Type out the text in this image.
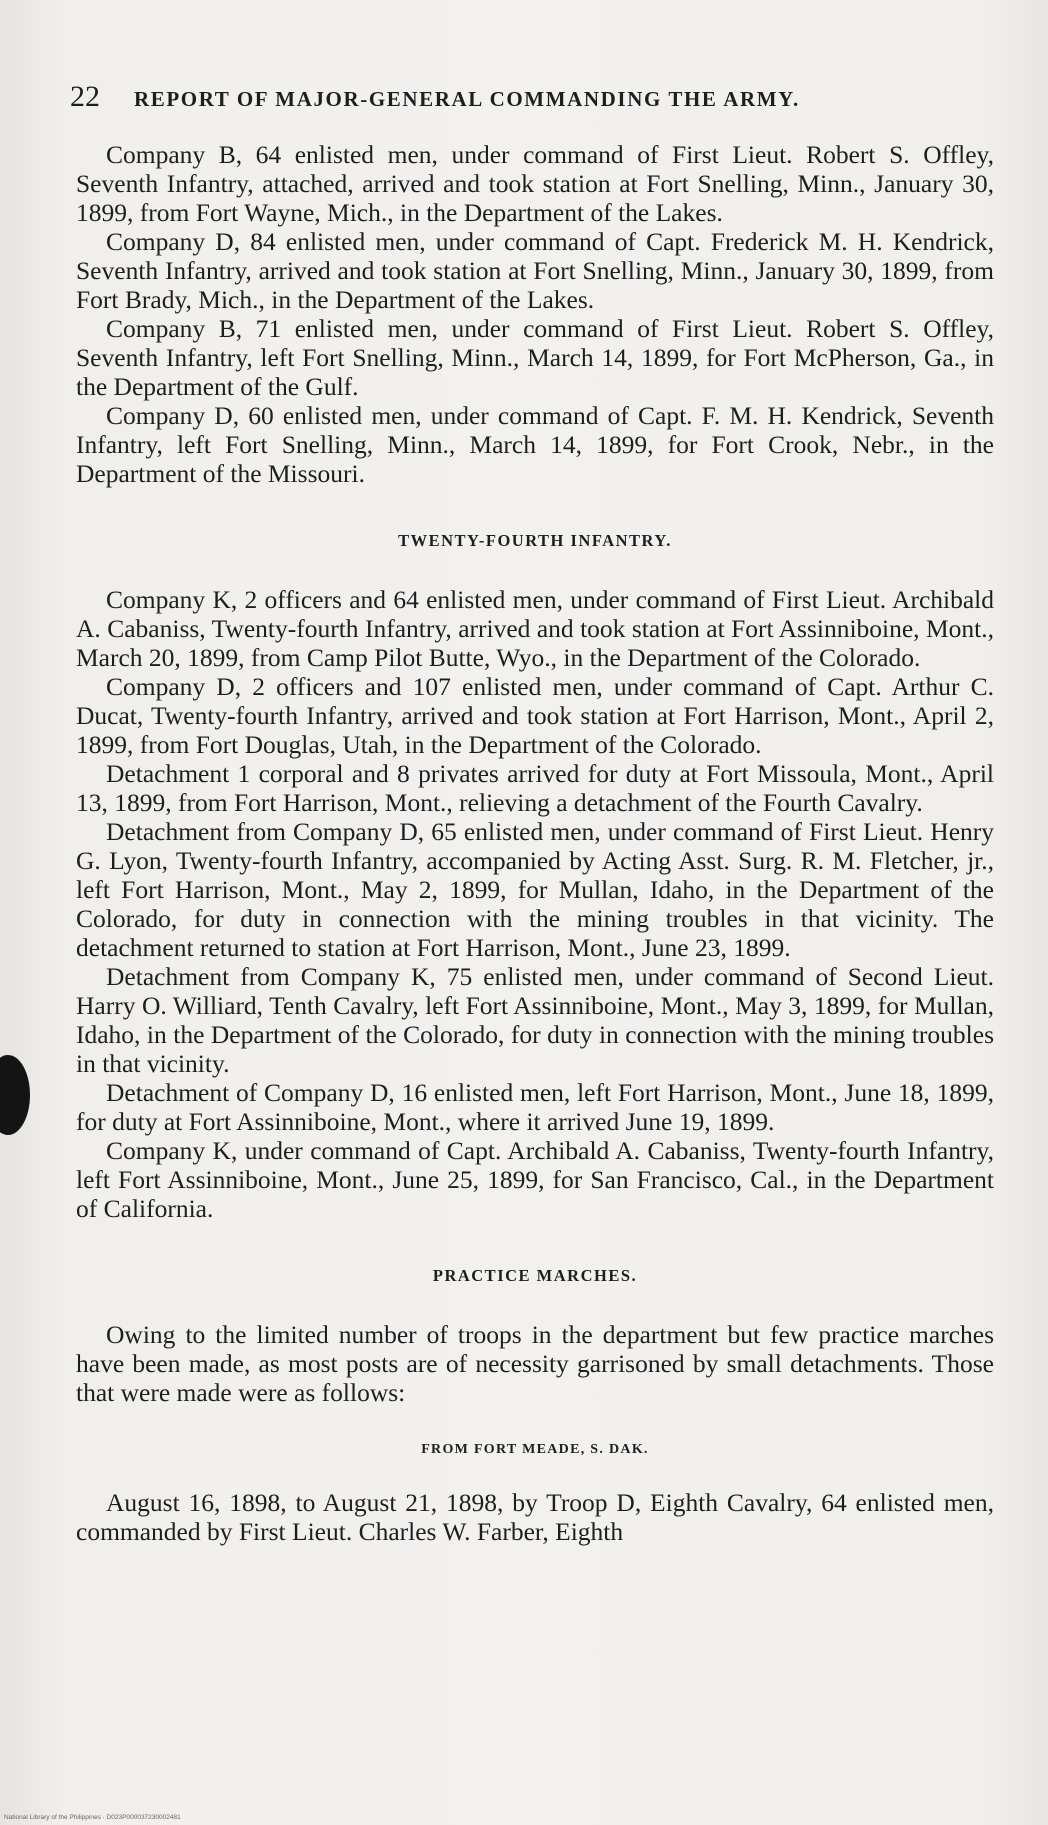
22 REPORT OF MAJOR-GENERAL COMMANDING THE ARMY.

Company B, 64 enlisted men, under command of First Lieut. Robert S. Offley, Seventh Infantry, attached, arrived and took station at Fort Snelling, Minn., January 30, 1899, from Fort Wayne, Mich., in the Department of the Lakes.

Company D, 84 enlisted men, under command of Capt. Frederick M. H. Kendrick, Seventh Infantry, arrived and took station at Fort Snelling, Minn., January 30, 1899, from Fort Brady, Mich., in the Department of the Lakes.

Company B, 71 enlisted men, under command of First Lieut. Robert S. Offley, Seventh Infantry, left Fort Snelling, Minn., March 14, 1899, for Fort McPherson, Ga., in the Department of the Gulf.

Company D, 60 enlisted men, under command of Capt. F. M. H. Kendrick, Seventh Infantry, left Fort Snelling, Minn., March 14, 1899, for Fort Crook, Nebr., in the Department of the Missouri.

TWENTY-FOURTH INFANTRY.

Company K, 2 officers and 64 enlisted men, under command of First Lieut. Archibald A. Cabaniss, Twenty-fourth Infantry, arrived and took station at Fort Assinniboine, Mont., March 20, 1899, from Camp Pilot Butte, Wyo., in the Department of the Colorado.

Company D, 2 officers and 107 enlisted men, under command of Capt. Arthur C. Ducat, Twenty-fourth Infantry, arrived and took station at Fort Harrison, Mont., April 2, 1899, from Fort Douglas, Utah, in the Department of the Colorado.

Detachment 1 corporal and 8 privates arrived for duty at Fort Missoula, Mont., April 13, 1899, from Fort Harrison, Mont., relieving a detachment of the Fourth Cavalry.

Detachment from Company D, 65 enlisted men, under command of First Lieut. Henry G. Lyon, Twenty-fourth Infantry, accompanied by Acting Asst. Surg. R. M. Fletcher, jr., left Fort Harrison, Mont., May 2, 1899, for Mullan, Idaho, in the Department of the Colorado, for duty in connection with the mining troubles in that vicinity. The detachment returned to station at Fort Harrison, Mont., June 23, 1899.

Detachment from Company K, 75 enlisted men, under command of Second Lieut. Harry O. Williard, Tenth Cavalry, left Fort Assinniboine, Mont., May 3, 1899, for Mullan, Idaho, in the Department of the Colorado, for duty in connection with the mining troubles in that vicinity.

Detachment of Company D, 16 enlisted men, left Fort Harrison, Mont., June 18, 1899, for duty at Fort Assinniboine, Mont., where it arrived June 19, 1899.

Company K, under command of Capt. Archibald A. Cabaniss, Twenty-fourth Infantry, left Fort Assinniboine, Mont., June 25, 1899, for San Francisco, Cal., in the Department of California.

PRACTICE MARCHES.

Owing to the limited number of troops in the department but few practice marches have been made, as most posts are of necessity garrisoned by small detachments. Those that were made were as follows:

FROM FORT MEADE, S. DAK.

August 16, 1898, to August 21, 1898, by Troop D, Eighth Cavalry, 64 enlisted men, commanded by First Lieut. Charles W. Farber, Eighth

National Library of the Philippines · D023P000037230002481
